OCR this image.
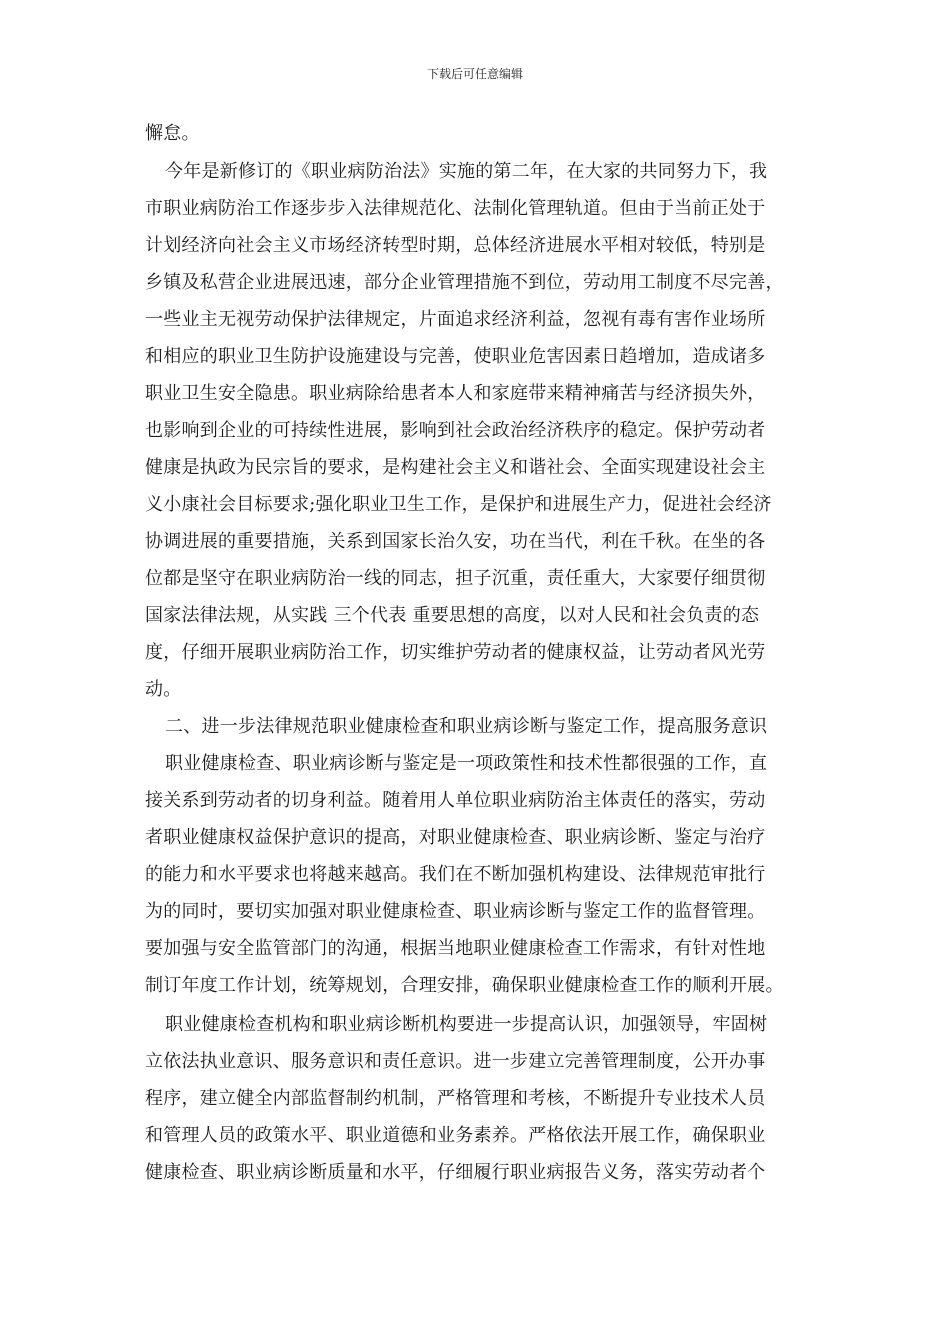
下载后可任意编辑
懈怠。
今年是新修订的《职业病防治法》实施的第二年，在大家的共同努力下，我
市职业病防治工作逐步步入法律规范化、法制化管理轨道。但由于当前正处于
计划经济向社会主义市场经济转型时期，总体经济进展水平相对较低，特别是
乡镇及私营企业进展迅速，部分企业管理措施不到位，劳动用工制度不尽完善，
一些业主无视劳动保护法律规定，片面追求经济利益，忽视有毒有害作业场所
和相应的职业卫生防护设施建设与完善，使职业危害因素日趋增加，造成诸多
职业卫生安全隐患。职业病除给患者本人和家庭带来精神痛苦与经济损失外，
也影响到企业的可持续性进展，影响到社会政治经济秩序的稳定。保护劳动者
健康是执政为民宗旨的要求，是构建社会主义和谐社会、全面实现建设社会主
义小康社会目标要求;强化职业卫生工作，是保护和进展生产力，促进社会经济
协调进展的重要措施，关系到国家长治久安，功在当代，利在千秋。在坐的各
位都是坚守在职业病防治一线的同志，担子沉重，责任重大，大家要仔细贯彻
国家法律法规，从实践 三个代表 重要思想的高度，以对人民和社会负责的态
度，仔细开展职业病防治工作，切实维护劳动者的健康权益，让劳动者风光劳
动。
二、进一步法律规范职业健康检查和职业病诊断与鉴定工作，提高服务意识
职业健康检查、职业病诊断与鉴定是一项政策性和技术性都很强的工作，直
接关系到劳动者的切身利益。随着用人单位职业病防治主体责任的落实，劳动
者职业健康权益保护意识的提高，对职业健康检查、职业病诊断、鉴定与治疗
的能力和水平要求也将越来越高。我们在不断加强机构建设、法律规范审批行
为的同时，要切实加强对职业健康检查、职业病诊断与鉴定工作的监督管理。
要加强与安全监管部门的沟通，根据当地职业健康检查工作需求，有针对性地
制订年度工作计划，统筹规划，合理安排，确保职业健康检查工作的顺利开展。
职业健康检查机构和职业病诊断机构要进一步提高认识，加强领导，牢固树
立依法执业意识、服务意识和责任意识。进一步建立完善管理制度，公开办事
程序，建立健全内部监督制约机制，严格管理和考核，不断提升专业技术人员
和管理人员的政策水平、职业道德和业务素养。严格依法开展工作，确保职业
健康检查、职业病诊断质量和水平，仔细履行职业病报告义务，落实劳动者个
